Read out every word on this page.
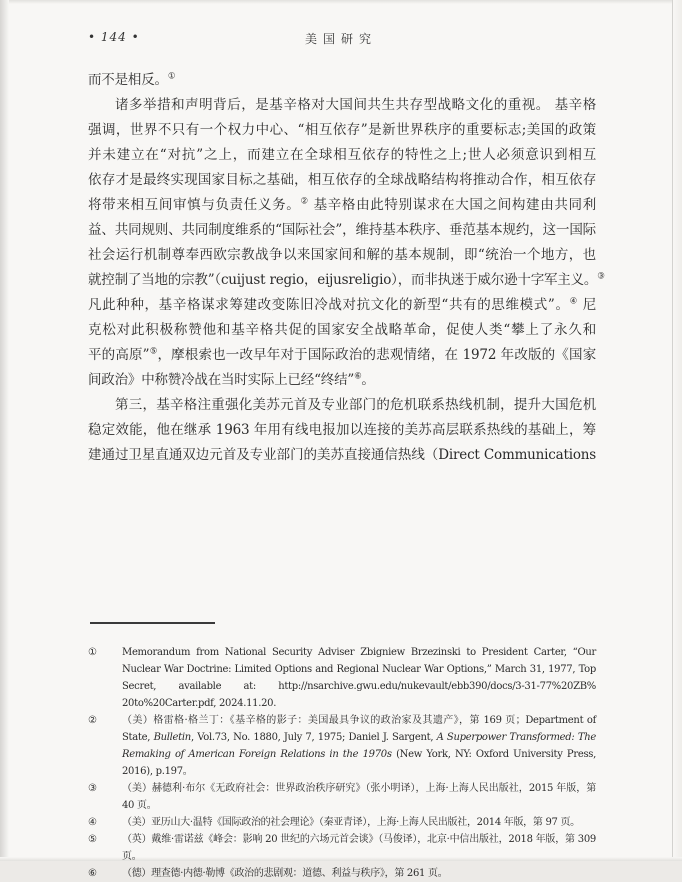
• 144 •	美国研究
而不是相反。①
诸多举措和声明背后，是基辛格对大国间共生共存型战略文化的重视。 基辛格
强调，世界不只有一个权力中心、“相互依存”是新世界秩序的重要标志;美国的政策
并未建立在“对抗”之上，而建立在全球相互依存的特性之上;世人必须意识到相互
依存才是最终实现国家目标之基础，相互依存的全球战略结构将推动合作，相互依存
将带来相互间审慎与负责任义务。② 基辛格由此特别谋求在大国之间构建由共同利
益、共同规则、共同制度维系的“国际社会”，维持基本秩序、垂范基本规约，这一国际
社会运行机制尊奉西欧宗教战争以来国家间和解的基本规制，即“统治一个地方，也
就控制了当地的宗教”（cuijust regio，eijusreligio），而非执迷于威尔逊十字军主义。③
凡此种种，基辛格谋求筹建改变陈旧冷战对抗文化的新型“共有的思维模式”。④ 尼
克松对此积极称赞他和基辛格共促的国家安全战略革命，促使人类“攀上了永久和
平的高原”⑤，摩根索也一改早年对于国际政治的悲观情绪，在 1972 年改版的《国家
间政治》中称赞冷战在当时实际上已经“终结”⑥。
第三，基辛格注重强化美苏元首及专业部门的危机联系热线机制，提升大国危机
稳定效能，他在继承 1963 年用有线电报加以连接的美苏高层联系热线的基础上，筹
建通过卫星直通双边元首及专业部门的美苏直接通信热线（Direct Communications
①	Memorandum from National Security Adviser Zbigniew Brzezinski to President Carter, “Our Nuclear War Doctrine: Limited Options and Regional Nuclear War Options,” March 31, 1977, Top Secret, available at: http://nsarchive.gwu.edu/nukevault/ebb390/docs/3-31-77%20ZB% 20to%20Carter.pdf, 2024.11.20.
②	（美）格雷格·格兰丁：《基辛格的影子：美国最具争议的政治家及其遗产》，第 169 页；Department of State, Bulletin, Vol.73, No. 1880, July 7, 1975; Daniel J. Sargent, A Superpower Transformed: The Remaking of American Foreign Relations in the 1970s (New York, NY: Oxford University Press, 2016), p.197。
③	（美）赫德利·布尔《无政府社会：世界政治秩序研究》（张小明译），上海·上海人民出版社，2015 年版，第 40 页。
④	（美）亚历山大·温特《国际政治的社会理论》（秦亚青译），上海·上海人民出版社，2014 年版，第 97 页。
⑤	（英）戴维·雷诺兹《峰会：影响 20 世纪的六场元首会谈》（马俊译），北京·中信出版社，2018 年版，第 309 页。
⑥	（德）理查德·内德·勒博《政治的悲剧观：道德、利益与秩序》，第 261 页。
